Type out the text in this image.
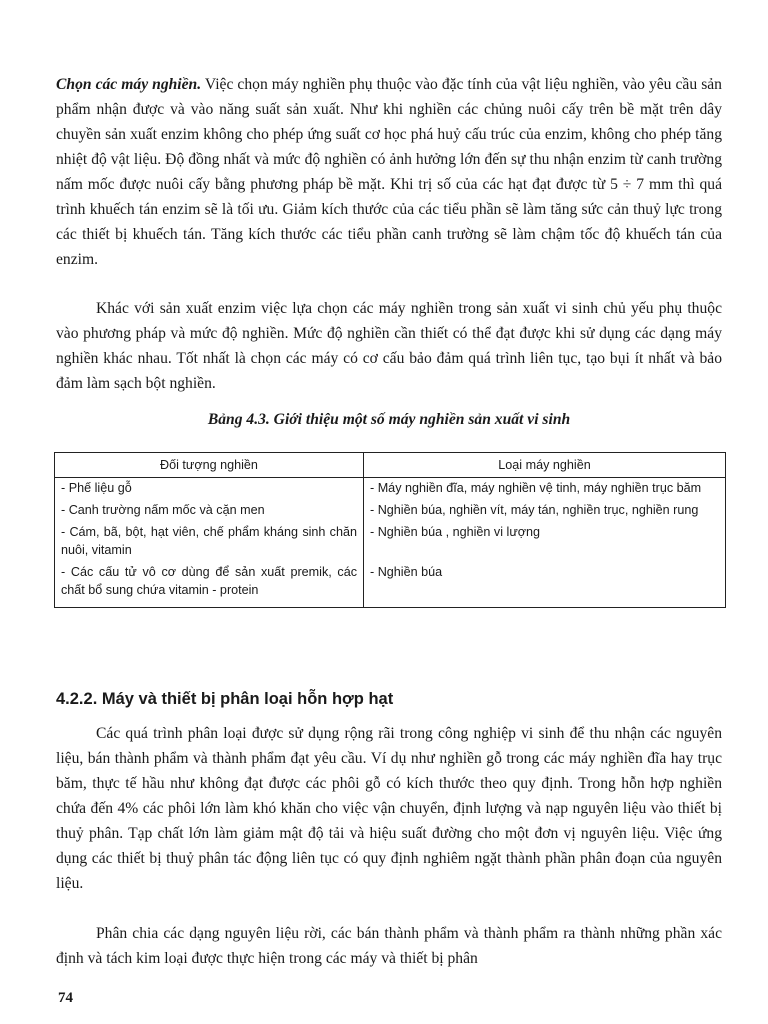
Chọn các máy nghiền. Việc chọn máy nghiền phụ thuộc vào đặc tính của vật liệu nghiền, vào yêu cầu sản phẩm nhận được và vào năng suất sản xuất. Như khi nghiền các chủng nuôi cấy trên bề mặt trên dây chuyền sản xuất enzim không cho phép ứng suất cơ học phá huỷ cấu trúc của enzim, không cho phép tăng nhiệt độ vật liệu. Độ đồng nhất và mức độ nghiền có ảnh hưởng lớn đến sự thu nhận enzim từ canh trường nấm mốc được nuôi cấy bằng phương pháp bề mặt. Khi trị số của các hạt đạt được từ 5 ÷ 7 mm thì quá trình khuếch tán enzim sẽ là tối ưu. Giảm kích thước của các tiểu phần sẽ làm tăng sức cản thuỷ lực trong các thiết bị khuếch tán. Tăng kích thước các tiểu phần canh trường sẽ làm chậm tốc độ khuếch tán của enzim.

Khác với sản xuất enzim việc lựa chọn các máy nghiền trong sản xuất vi sinh chủ yếu phụ thuộc vào phương pháp và mức độ nghiền. Mức độ nghiền cần thiết có thể đạt được khi sử dụng các dạng máy nghiền khác nhau. Tốt nhất là chọn các máy có cơ cấu bảo đảm quá trình liên tục, tạo bụi ít nhất và bảo đảm làm sạch bột nghiền.

Bảng 4.3. Giới thiệu một số máy nghiền sản xuất vi sinh

Đối tượng nghiền	Loại máy nghiền
- Phế liệu gỗ	- Máy nghiền đĩa, máy nghiền vệ tinh, máy nghiền trục băm
- Canh trường nấm mốc và cặn men	- Nghiền búa, nghiền vít, máy tán, nghiền trục, nghiền rung
- Cám, bã, bột, hạt viên, chế phẩm kháng sinh chăn nuôi, vitamin	- Nghiền búa , nghiền vi lượng
- Các cấu tử vô cơ dùng để sản xuất premik, các chất bổ sung chứa vitamin - protein	- Nghiền búa

4.2.2. Máy và thiết bị phân loại hỗn hợp hạt

Các quá trình phân loại được sử dụng rộng rãi trong công nghiệp vi sinh để thu nhận các nguyên liệu, bán thành phẩm và thành phẩm đạt yêu cầu. Ví dụ như nghiền gỗ trong các máy nghiền đĩa hay trục băm, thực tế hầu như không đạt được các phôi gỗ có kích thước theo quy định. Trong hỗn hợp nghiền chứa đến 4% các phôi lớn làm khó khăn cho việc vận chuyển, định lượng và nạp nguyên liệu vào thiết bị thuỷ phân. Tạp chất lớn làm giảm mật độ tải và hiệu suất đường cho một đơn vị nguyên liệu. Việc ứng dụng các thiết bị thuỷ phân tác động liên tục có quy định nghiêm ngặt thành phần phân đoạn của nguyên liệu.

Phân chia các dạng nguyên liệu rời, các bán thành phẩm và thành phẩm ra thành những phần xác định và tách kim loại được thực hiện trong các máy và thiết bị phân

74
